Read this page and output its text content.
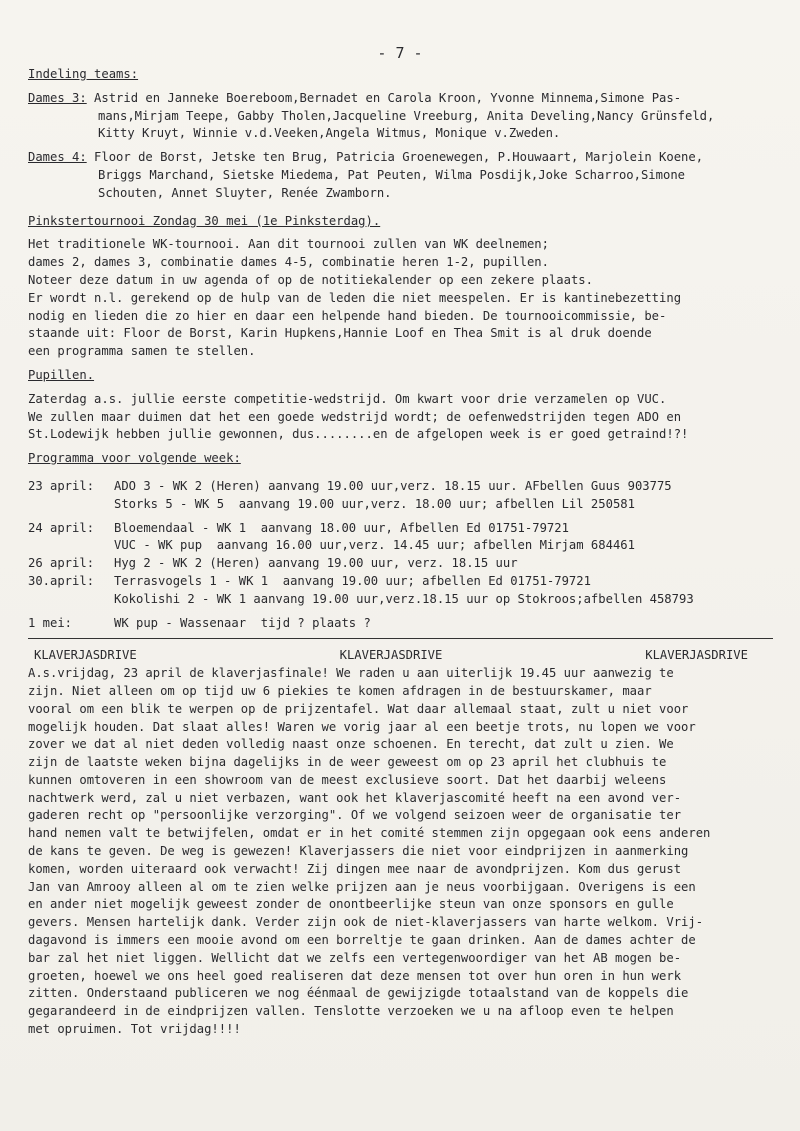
- 7 -
Indeling teams:
Dames 3: Astrid en Janneke Boereboom,Bernadet en Carola Kroon, Yvonne Minnema,Simone Pas-
mans,Mirjam Teepe, Gabby Tholen,Jacqueline Vreeburg, Anita Develing,Nancy Grünsfeld,
Kitty Kruyt, Winnie v.d.Veeken,Angela Witmus, Monique v.Zweden.
Dames 4: Floor de Borst, Jetske ten Brug, Patricia Groenewegen, P.Houwaart, Marjolein Koene,
Briggs Marchand, Sietske Miedema, Pat Peuten, Wilma Posdijk,Joke Scharroo,Simone
Schouten, Annet Sluyter, Renée Zwamborn.
Pinkstertournooi Zondag 30 mei (1e Pinksterdag).
Het traditionele WK-tournooi. Aan dit tournooi zullen van WK deelnemen;
dames 2, dames 3, combinatie dames 4-5, combinatie heren 1-2, pupillen.
Noteer deze datum in uw agenda of op de notitiekalender op een zekere plaats.
Er wordt n.l. gerekend op de hulp van de leden die niet meespelen. Er is kantinebezetting
nodig en lieden die zo hier en daar een helpende hand bieden. De tournooicommissie, be-
staande uit: Floor de Borst, Karin Hupkens,Hannie Loof en Thea Smit is al druk doende
een programma samen te stellen.
Pupillen.
Zaterdag a.s. jullie eerste competitie-wedstrijd. Om kwart voor drie verzamelen op VUC.
We zullen maar duimen dat het een goede wedstrijd wordt; de oefenwedstrijden tegen ADO en
St.Lodewijk hebben jullie gewonnen, dus........en de afgelopen week is er goed getraind!?!
Programma voor volgende week:
23 april:	ADO 3 - WK 2 (Heren) aanvang 19.00 uur,verz. 18.15 uur. AFbellen Guus 903775
Storks 5 - WK 5  aanvang 19.00 uur,verz. 18.00 uur; afbellen Lil 250581
24 april:	Bloemendaal - WK 1  aanvang 18.00 uur, Afbellen Ed 01751-79721
VUC - WK pup  aanvang 16.00 uur,verz. 14.45 uur; afbellen Mirjam 684461
26 april:	Hyg 2 - WK 2 (Heren) aanvang 19.00 uur, verz. 18.15 uur
30.april:	Terrasvogels 1 - WK 1  aanvang 19.00 uur; afbellen Ed 01751-79721
Kokolishi 2 - WK 1 aanvang 19.00 uur,verz.18.15 uur op Stokroos;afbellen 458793
1 mei:	WK pup - Wassenaar  tijd ? plaats ?
KLAVERJASDRIVE	KLAVERJASDRIVE	KLAVERJASDRIVE
A.s.vrijdag, 23 april de klaverjasfinale! We raden u aan uiterlijk 19.45 uur aanwezig te
zijn. Niet alleen om op tijd uw 6 piekies te komen afdragen in de bestuurskamer, maar
vooral om een blik te werpen op de prijzentafel. Wat daar allemaal staat, zult u niet voor
mogelijk houden. Dat slaat alles! Waren we vorig jaar al een beetje trots, nu lopen we voor
zover we dat al niet deden volledig naast onze schoenen. En terecht, dat zult u zien. We
zijn de laatste weken bijna dagelijks in de weer geweest om op 23 april het clubhuis te
kunnen omtoveren in een showroom van de meest exclusieve soort. Dat het daarbij weleens
nachtwerk werd, zal u niet verbazen, want ook het klaverjascomité heeft na een avond ver-
gaderen recht op "persoonlijke verzorging". Of we volgend seizoen weer de organisatie ter
hand nemen valt te betwijfelen, omdat er in het comité stemmen zijn opgegaan ook eens anderen
de kans te geven. De weg is gewezen! Klaverjassers die niet voor eindprijzen in aanmerking
komen, worden uiteraard ook verwacht! Zij dingen mee naar de avondprijzen. Kom dus gerust
Jan van Amrooy alleen al om te zien welke prijzen aan je neus voorbijgaan. Overigens is een
en ander niet mogelijk geweest zonder de onontbeerlijke steun van onze sponsors en gulle
gevers. Mensen hartelijk dank. Verder zijn ook de niet-klaverjassers van harte welkom. Vrij-
dagavond is immers een mooie avond om een borreltje te gaan drinken. Aan de dames achter de
bar zal het niet liggen. Wellicht dat we zelfs een vertegenwoordiger van het AB mogen be-
groeten, hoewel we ons heel goed realiseren dat deze mensen tot over hun oren in hun werk
zitten. Onderstaand publiceren we nog éénmaal de gewijzigde totaalstand van de koppels die
gegarandeerd in de eindprijzen vallen. Tenslotte verzoeken we u na afloop even te helpen
met opruimen. Tot vrijdag!!!!
